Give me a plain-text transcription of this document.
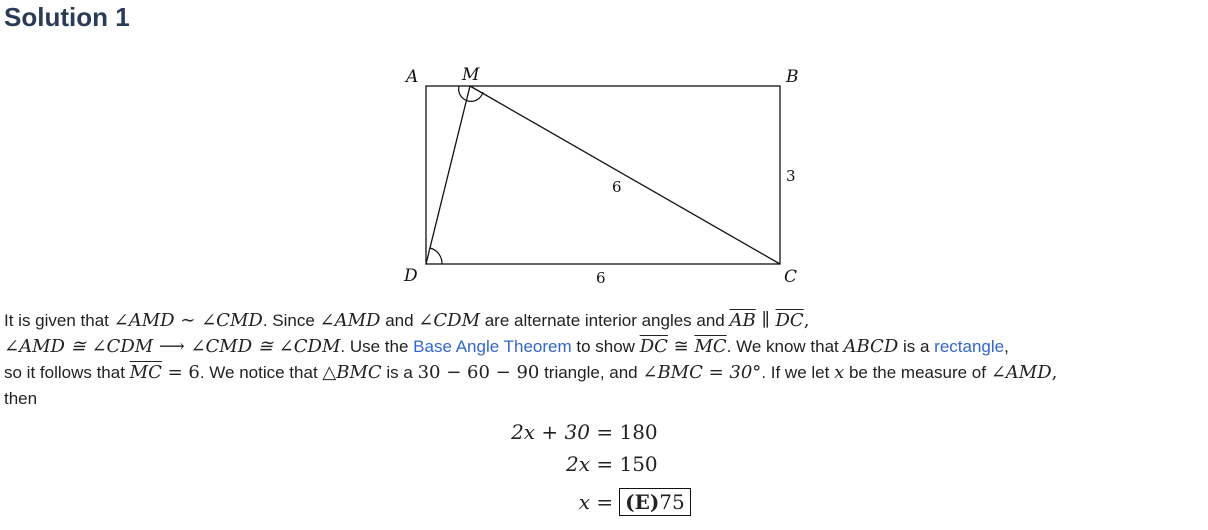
Solution 1
A	M	B
D	C
3
6
6
It is given that ∠AMD ∼ ∠CMD. Since ∠AMD and ∠CDM are alternate interior angles and $\overline{AB}$ ∥ $\overline{DC}$,
∠AMD ≅ ∠CDM ⟶ ∠CMD ≅ ∠CDM. Use the Base Angle Theorem to show $\overline{DC}$ ≅ $\overline{MC}$. We know that ABCD is a rectangle,
so it follows that $\overline{MC} = 6$. We notice that △BMC is a 30 − 60 − 90 triangle, and ∠BMC = 30°. If we let x be the measure of ∠AMD,
then
2x + 30 = 180
2x = 150
x = (E)75
